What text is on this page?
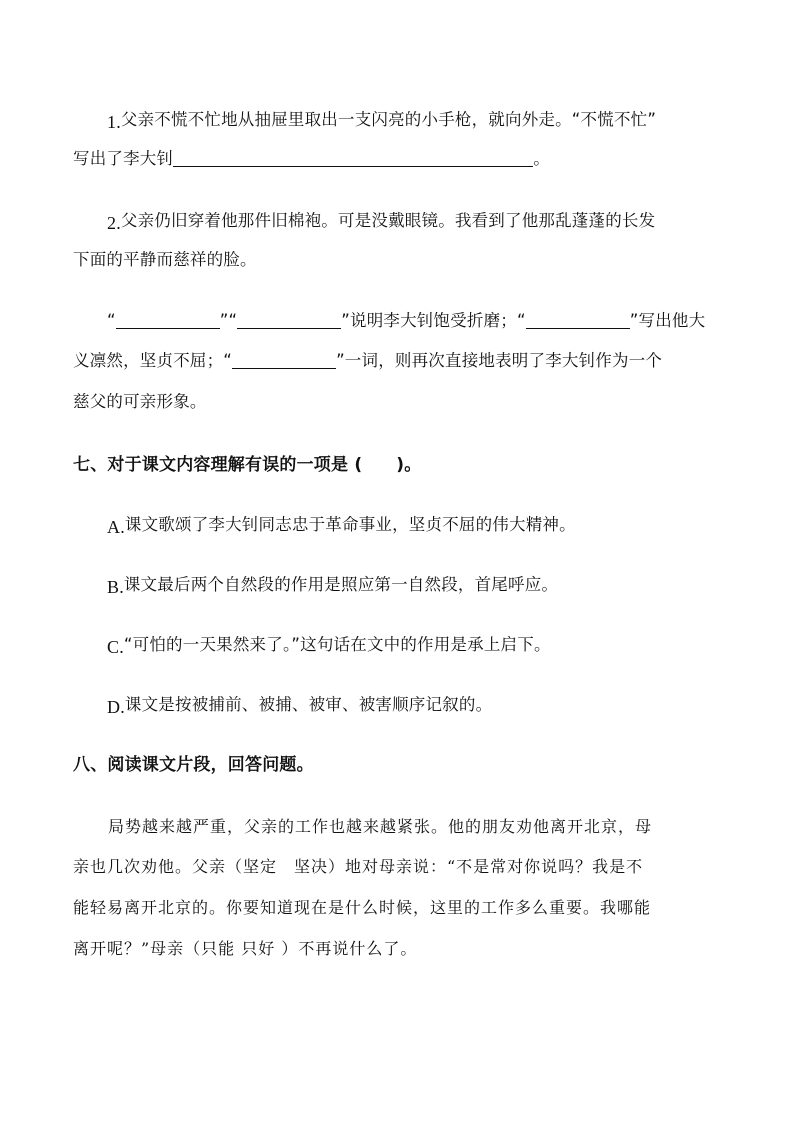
1.父亲不慌不忙地从抽屉里取出一支闪亮的小手枪，就向外走。“不慌不忙”
写出了李大钊	。
2.父亲仍旧穿着他那件旧棉袍。可是没戴眼镜。我看到了他那乱蓬蓬的长发
下面的平静而慈祥的脸。
“	”“	”说明李大钊饱受折磨；“	”写出他大
义凛然，坚贞不屈；“	”一词，则再次直接地表明了李大钊作为一个
慈父的可亲形象。
七、对于课文内容理解有误的一项是 ( )。
A.课文歌颂了李大钊同志忠于革命事业，坚贞不屈的伟大精神。
B.课文最后两个自然段的作用是照应第一自然段，首尾呼应。
C.“可怕的一天果然来了。”这句话在文中的作用是承上启下。
D.课文是按被捕前、被捕、被审、被害顺序记叙的。
八、阅读课文片段，回答问题。
局势越来越严重，父亲的工作也越来越紧张。他的朋友劝他离开北京，母
亲也几次劝他。父亲（坚定　坚决）地对母亲说：“不是常对你说吗？我是不
能轻易离开北京的。你要知道现在是什么时候，这里的工作多么重要。我哪能
离开呢？”母亲（只能 只好 ）不再说什么了。
